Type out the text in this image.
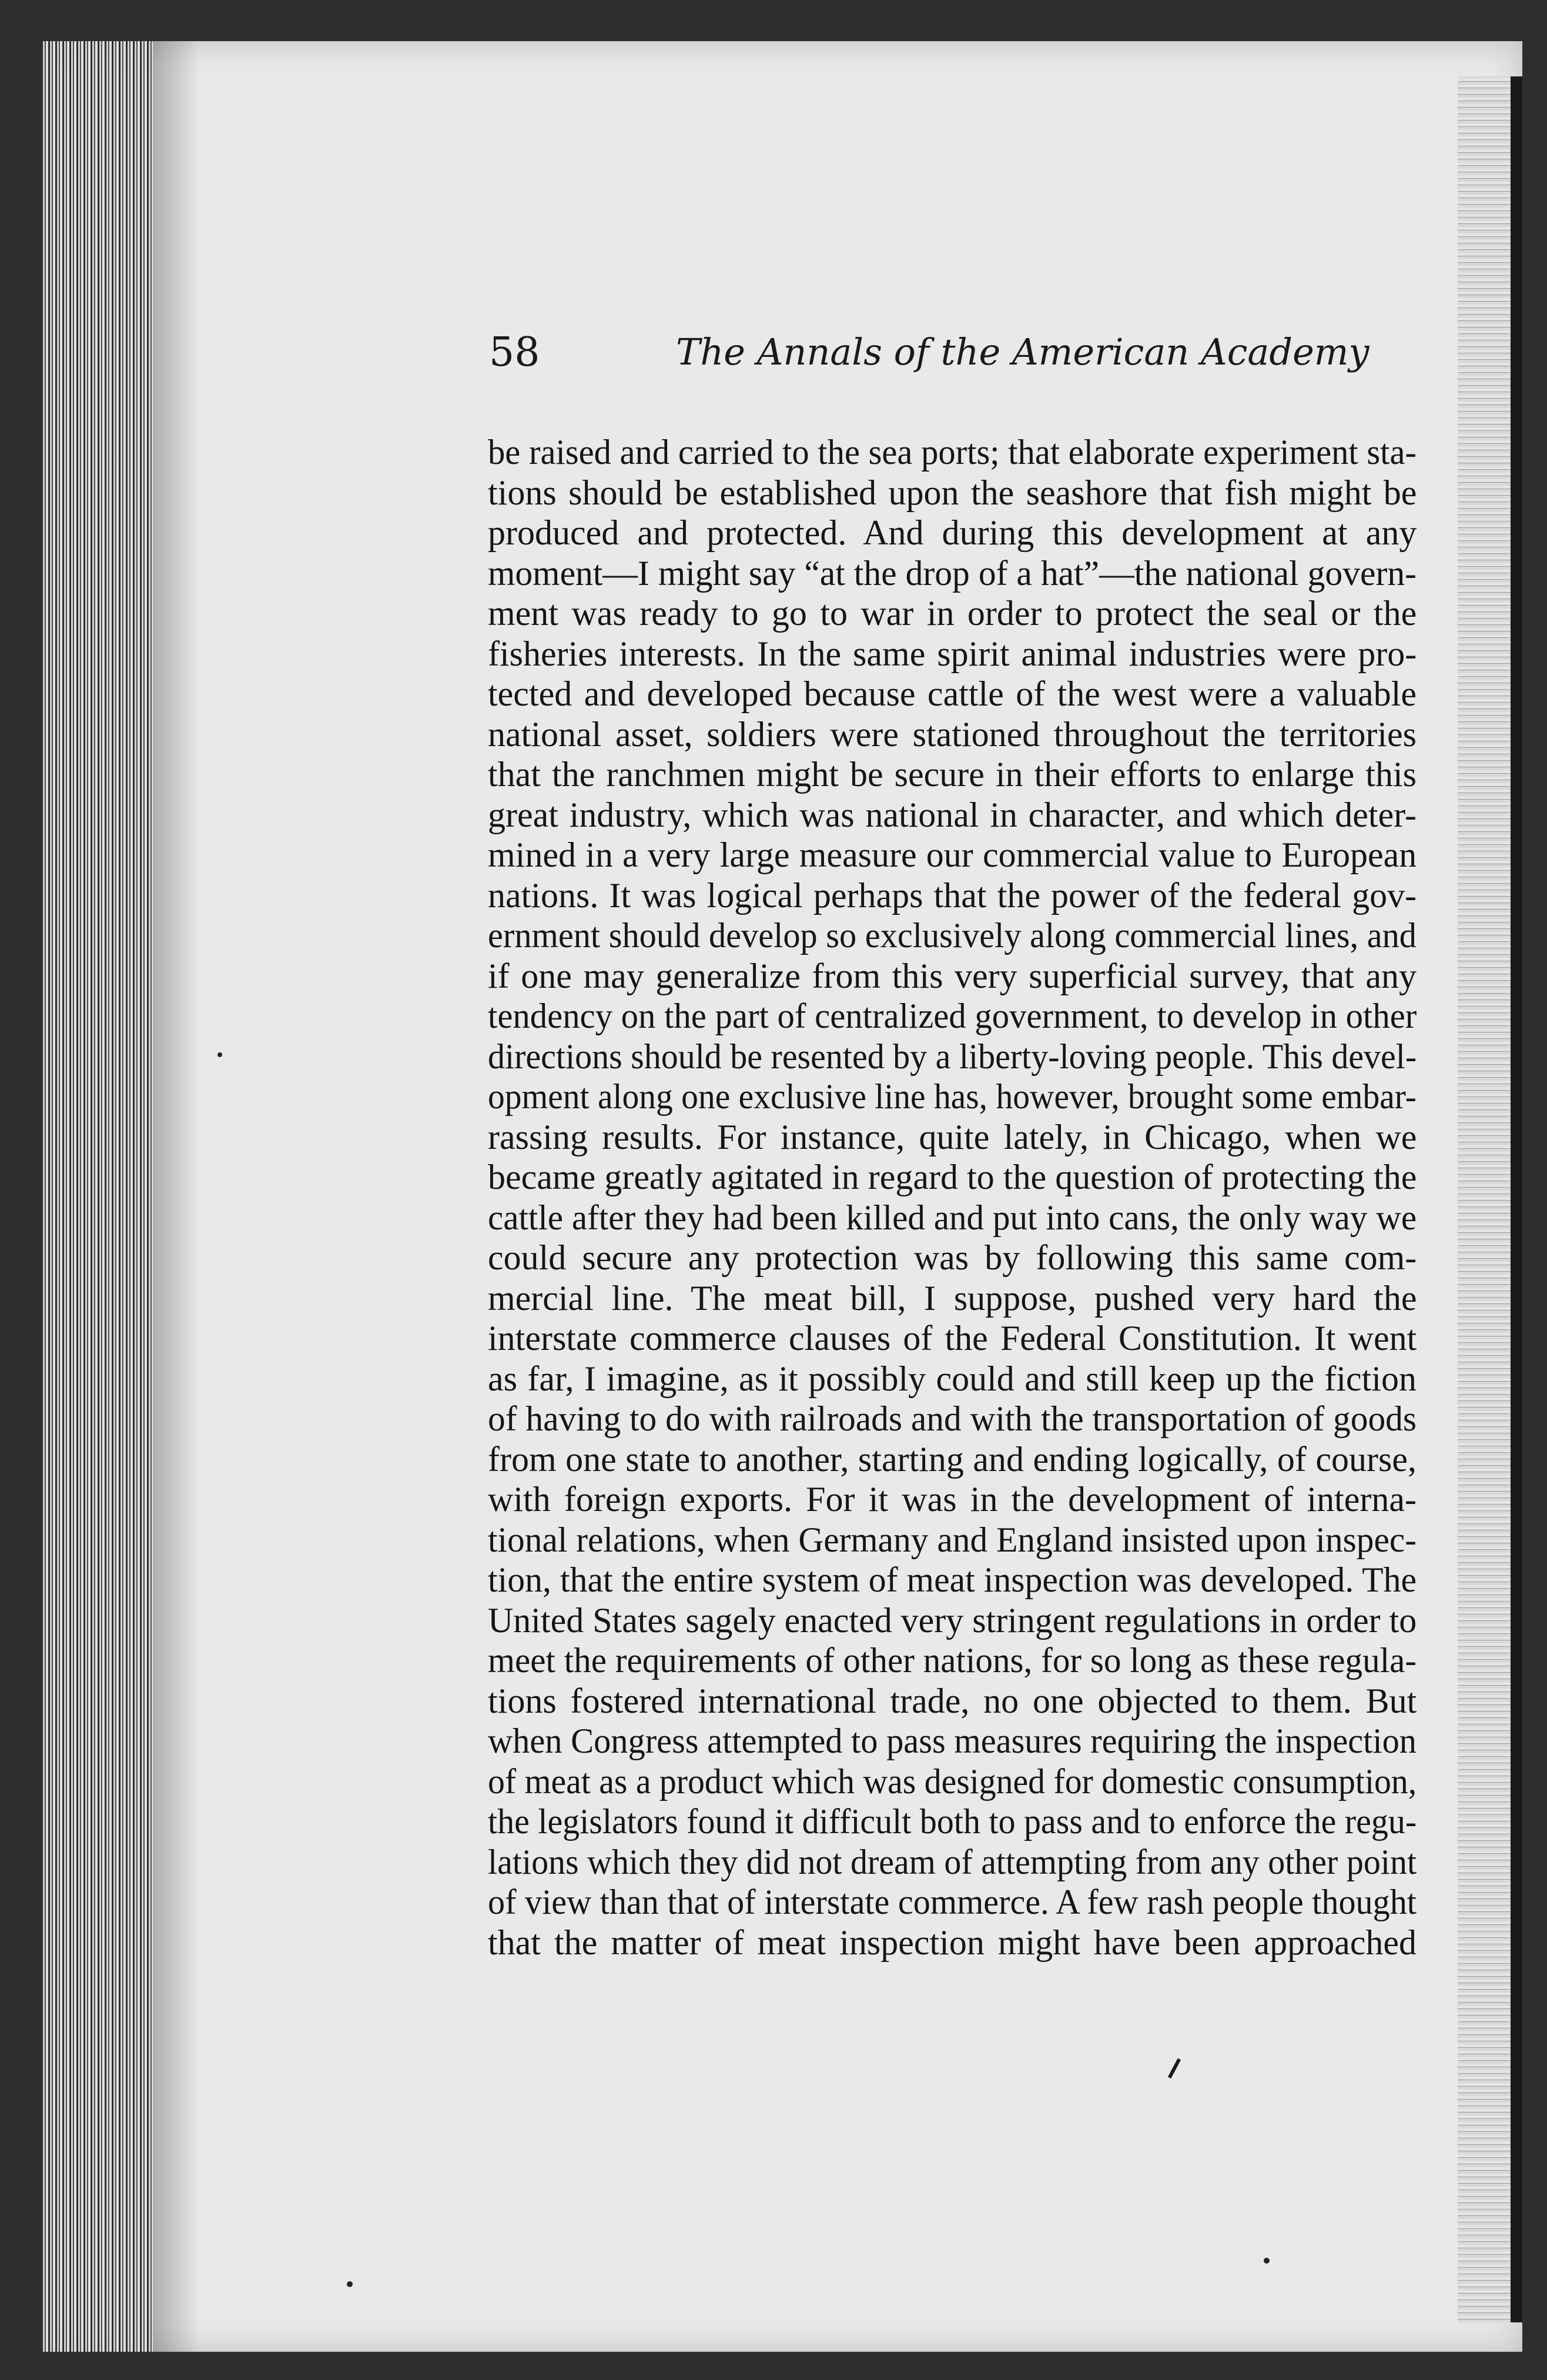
58	The Annals of the American Academy
be raised and carried to the sea ports; that elaborate experiment sta-
tions should be established upon the seashore that fish might be
produced and protected. And during this development at any
moment—I might say “at the drop of a hat”—the national govern-
ment was ready to go to war in order to protect the seal or the
fisheries interests. In the same spirit animal industries were pro-
tected and developed because cattle of the west were a valuable
national asset, soldiers were stationed throughout the territories
that the ranchmen might be secure in their efforts to enlarge this
great industry, which was national in character, and which deter-
mined in a very large measure our commercial value to European
nations. It was logical perhaps that the power of the federal gov-
ernment should develop so exclusively along commercial lines, and
if one may generalize from this very superficial survey, that any
tendency on the part of centralized government, to develop in other
directions should be resented by a liberty-loving people. This devel-
opment along one exclusive line has, however, brought some embar-
rassing results. For instance, quite lately, in Chicago, when we
became greatly agitated in regard to the question of protecting the
cattle after they had been killed and put into cans, the only way we
could secure any protection was by following this same com-
mercial line. The meat bill, I suppose, pushed very hard the
interstate commerce clauses of the Federal Constitution. It went
as far, I imagine, as it possibly could and still keep up the fiction
of having to do with railroads and with the transportation of goods
from one state to another, starting and ending logically, of course,
with foreign exports. For it was in the development of interna-
tional relations, when Germany and England insisted upon inspec-
tion, that the entire system of meat inspection was developed. The
United States sagely enacted very stringent regulations in order to
meet the requirements of other nations, for so long as these regula-
tions fostered international trade, no one objected to them. But
when Congress attempted to pass measures requiring the inspection
of meat as a product which was designed for domestic consumption,
the legislators found it difficult both to pass and to enforce the regu-
lations which they did not dream of attempting from any other point
of view than that of interstate commerce. A few rash people thought
that the matter of meat inspection might have been approached
